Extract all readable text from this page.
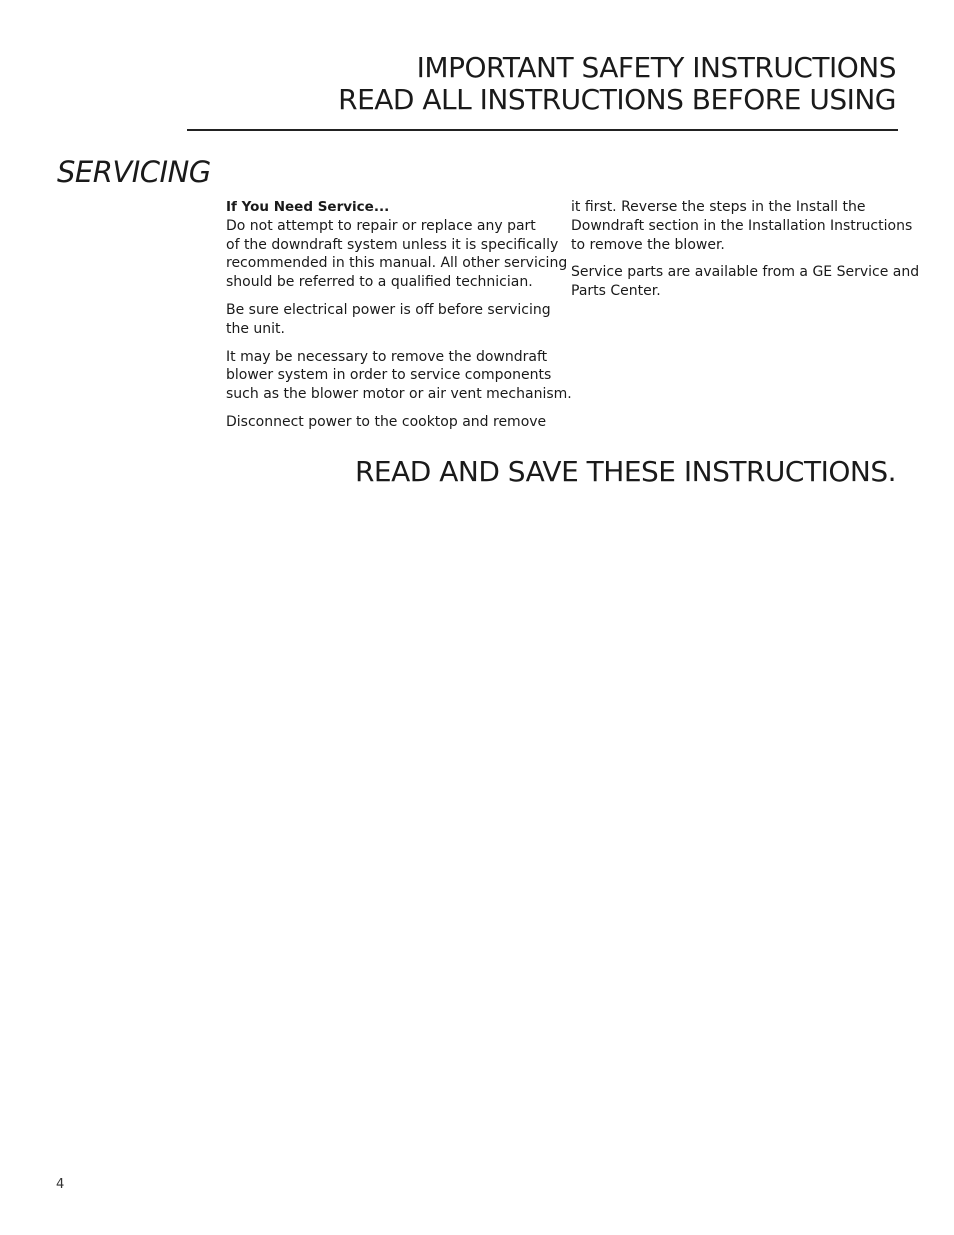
IMPORTANT SAFETY INSTRUCTIONS
READ ALL INSTRUCTIONS BEFORE USING
SERVICING

If You Need Service...
Do not attempt to repair or replace any part
of the downdraft system unless it is specifically
recommended in this manual. All other servicing
should be referred to a qualified technician.

Be sure electrical power is off before servicing
the unit.

It may be necessary to remove the downdraft
blower system in order to service components
such as the blower motor or air vent mechanism.

Disconnect power to the cooktop and remove

it first. Reverse the steps in the Install the
Downdraft section in the Installation Instructions
to remove the blower.

Service parts are available from a GE Service and
Parts Center.

READ AND SAVE THESE INSTRUCTIONS.
4
